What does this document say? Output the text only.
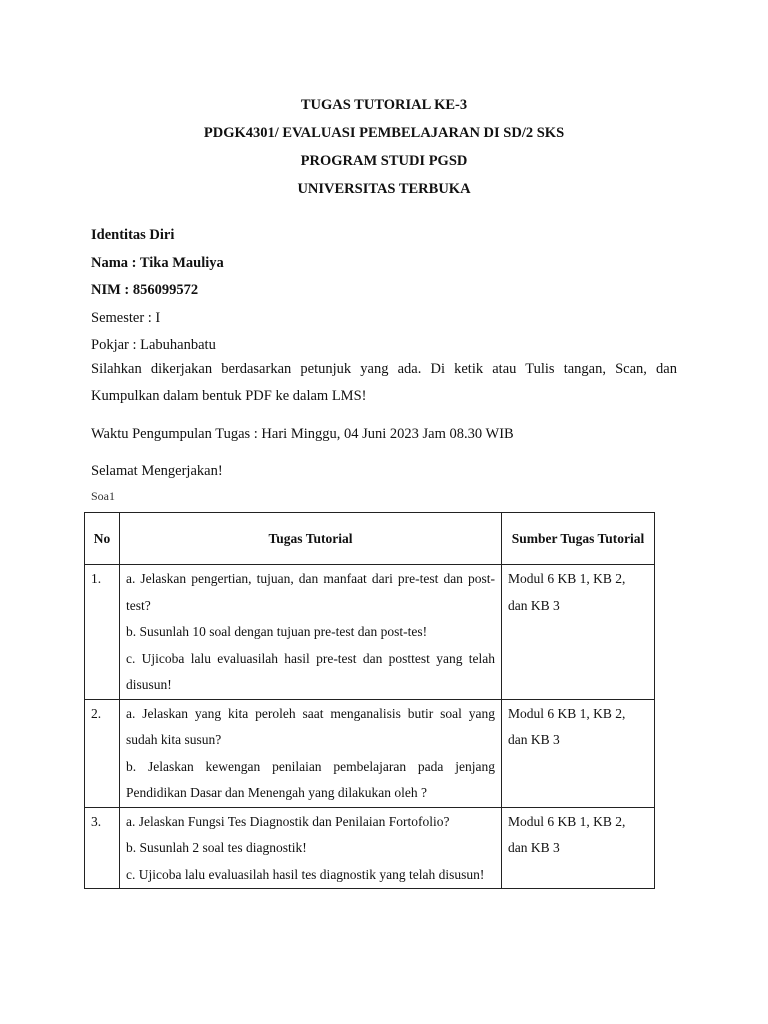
TUGAS TUTORIAL KE-3
PDGK4301/ EVALUASI PEMBELAJARAN DI SD/2 SKS
PROGRAM STUDI PGSD
UNIVERSITAS TERBUKA
Identitas Diri
Nama : Tika Mauliya
NIM : 856099572
Semester : I
Pokjar : Labuhanbatu
Silahkan dikerjakan berdasarkan petunjuk yang ada. Di ketik atau Tulis tangan, Scan, dan Kumpulkan dalam bentuk PDF ke dalam LMS!
Waktu Pengumpulan Tugas : Hari Minggu, 04 Juni 2023 Jam 08.30 WIB
Selamat Mengerjakan!
Soa1
No	Tugas Tutorial	Sumber Tugas Tutorial
1.	a. Jelaskan pengertian, tujuan, dan manfaat dari pre-test dan post-test?
b. Susunlah 10 soal dengan tujuan pre-test dan post-tes!
c. Ujicoba lalu evaluasilah hasil pre-test dan posttest yang telah disusun!	Modul 6 KB 1, KB 2, dan KB 3
2.	a. Jelaskan yang kita peroleh saat menganalisis butir soal yang sudah kita susun?
b. Jelaskan kewengan penilaian pembelajaran pada jenjang Pendidikan Dasar dan Menengah yang dilakukan oleh ?	Modul 6 KB 1, KB 2, dan KB 3
3.	a. Jelaskan Fungsi Tes Diagnostik dan Penilaian Fortofolio?
b. Susunlah 2 soal tes diagnostik!
c. Ujicoba lalu evaluasilah hasil tes diagnostik yang telah disusun!	Modul 6 KB 1, KB 2, dan KB 3
